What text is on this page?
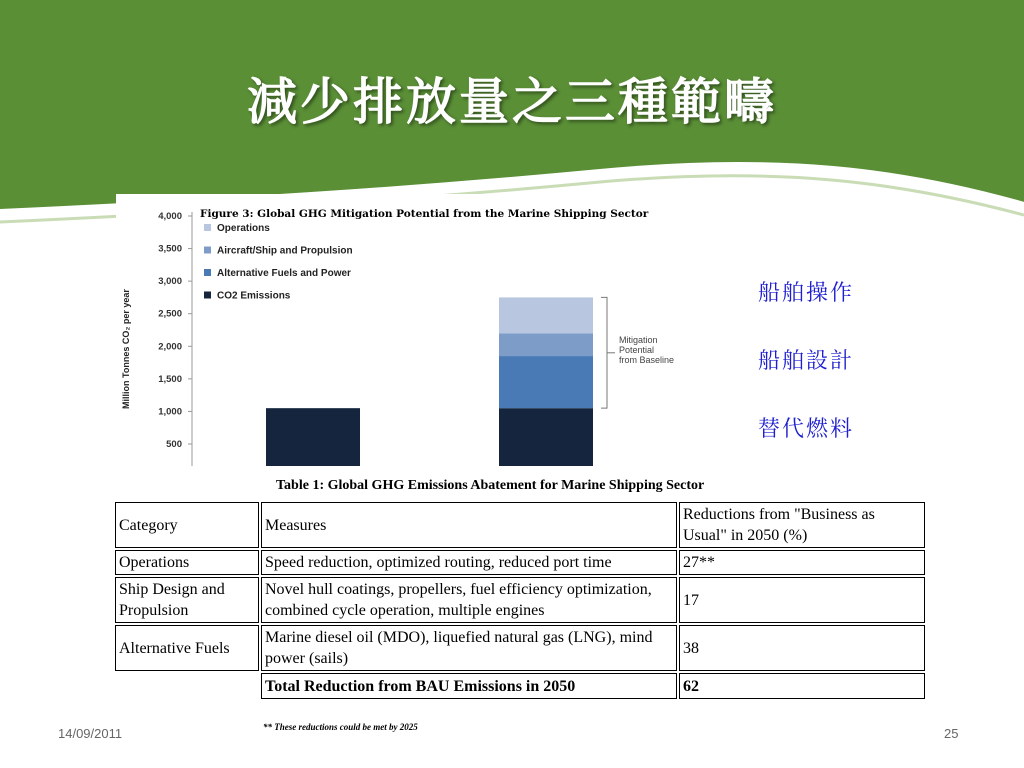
減少排放量之三種範疇
Figure 3: Global GHG Mitigation Potential from the Marine Shipping Sector
Million Tonnes CO₂ per year
4,000
3,500
3,000
2,500
2,000
1,500
1,000
500
Operations
Aircraft/Ship and Propulsion
Alternative Fuels and Power
CO2 Emissions
Mitigation
Potential
from Baseline
船舶操作
船舶設計
替代燃料
Table 1: Global GHG Emissions Abatement for Marine Shipping Sector
Category	Measures	Reductions from "Business as Usual" in 2050 (%)
Operations	Speed reduction, optimized routing, reduced port time	27**
Ship Design and Propulsion	Novel hull coatings, propellers, fuel efficiency optimization, combined cycle operation, multiple engines	17
Alternative Fuels	Marine diesel oil (MDO), liquefied natural gas (LNG), mind power (sails)	38
	Total Reduction from BAU Emissions in 2050	62
** These reductions could be met by 2025
14/09/2011	25
